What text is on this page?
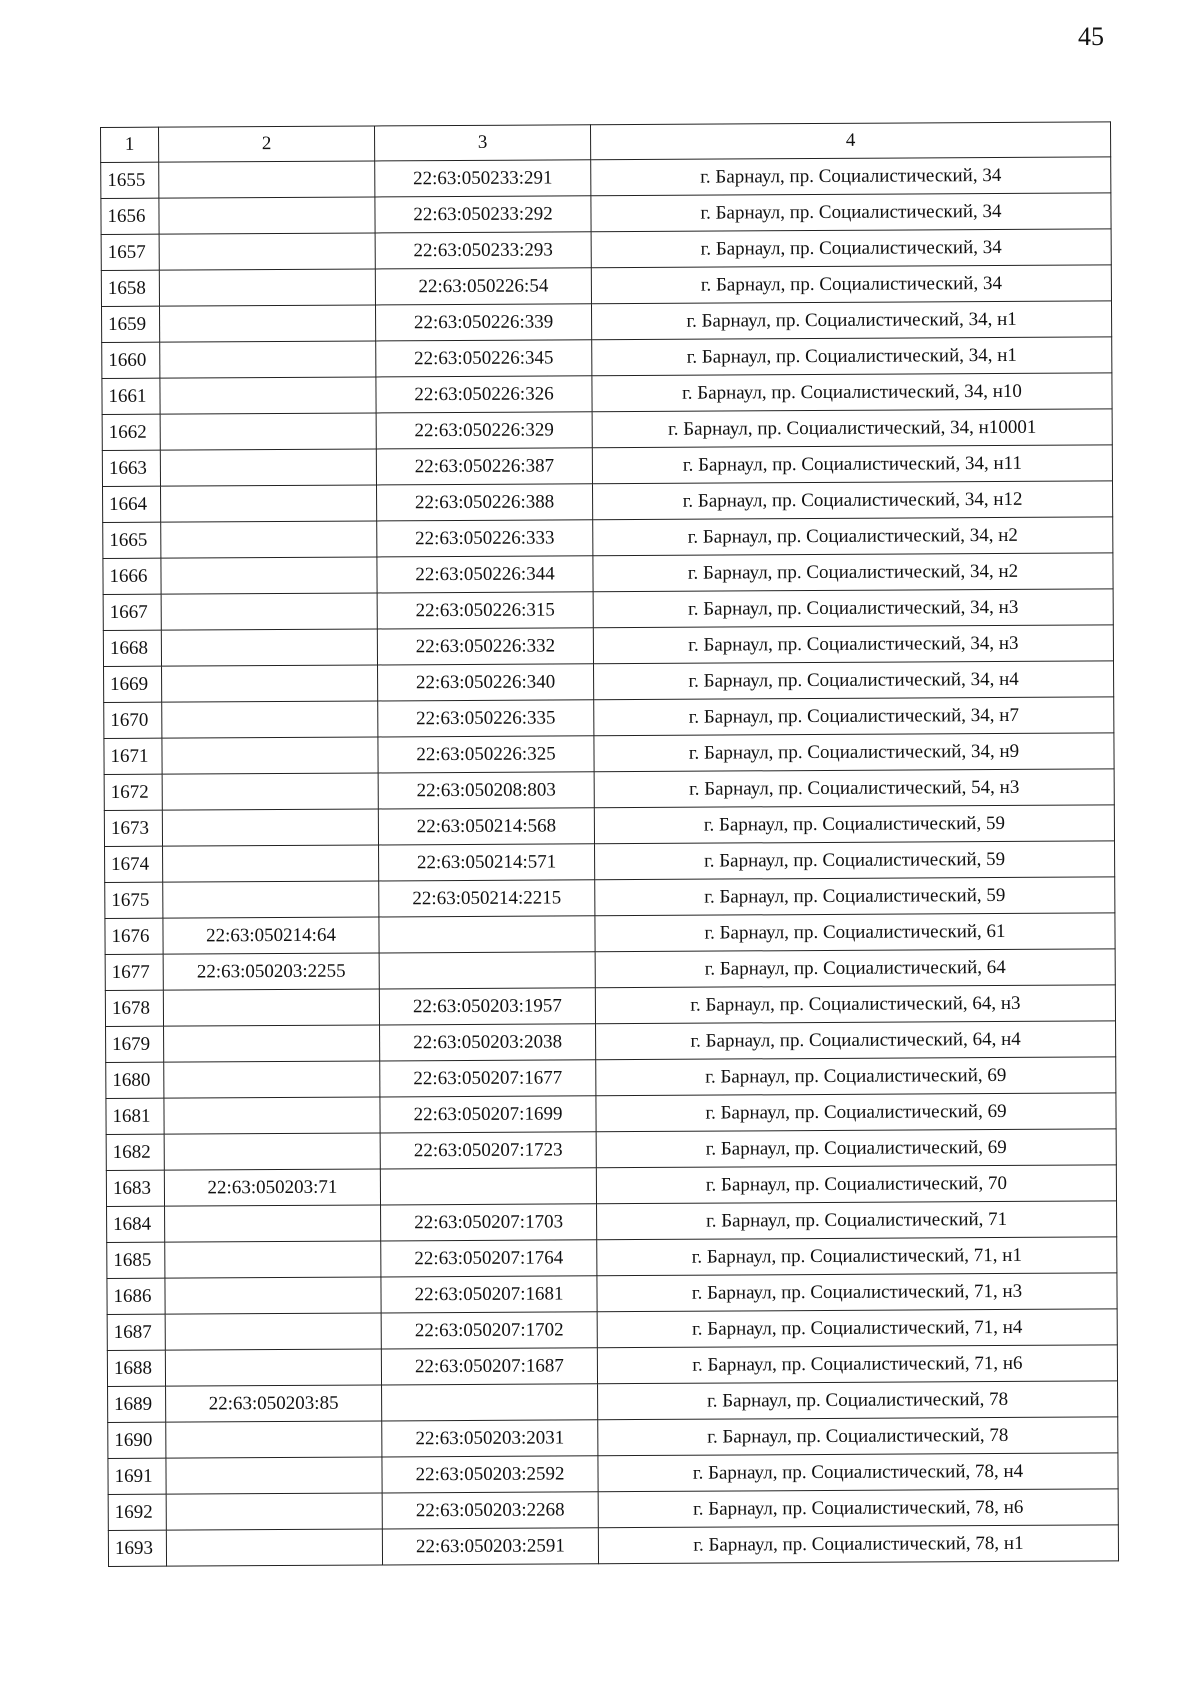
45
1	2	3	4
1655		22:63:050233:291	г. Барнаул, пр. Социалистический, 34
1656		22:63:050233:292	г. Барнаул, пр. Социалистический, 34
1657		22:63:050233:293	г. Барнаул, пр. Социалистический, 34
1658		22:63:050226:54	г. Барнаул, пр. Социалистический, 34
1659		22:63:050226:339	г. Барнаул, пр. Социалистический, 34, н1
1660		22:63:050226:345	г. Барнаул, пр. Социалистический, 34, н1
1661		22:63:050226:326	г. Барнаул, пр. Социалистический, 34, н10
1662		22:63:050226:329	г. Барнаул, пр. Социалистический, 34, н10001
1663		22:63:050226:387	г. Барнаул, пр. Социалистический, 34, н11
1664		22:63:050226:388	г. Барнаул, пр. Социалистический, 34, н12
1665		22:63:050226:333	г. Барнаул, пр. Социалистический, 34, н2
1666		22:63:050226:344	г. Барнаул, пр. Социалистический, 34, н2
1667		22:63:050226:315	г. Барнаул, пр. Социалистический, 34, н3
1668		22:63:050226:332	г. Барнаул, пр. Социалистический, 34, н3
1669		22:63:050226:340	г. Барнаул, пр. Социалистический, 34, н4
1670		22:63:050226:335	г. Барнаул, пр. Социалистический, 34, н7
1671		22:63:050226:325	г. Барнаул, пр. Социалистический, 34, н9
1672		22:63:050208:803	г. Барнаул, пр. Социалистический, 54, н3
1673		22:63:050214:568	г. Барнаул, пр. Социалистический, 59
1674		22:63:050214:571	г. Барнаул, пр. Социалистический, 59
1675		22:63:050214:2215	г. Барнаул, пр. Социалистический, 59
1676	22:63:050214:64		г. Барнаул, пр. Социалистический, 61
1677	22:63:050203:2255		г. Барнаул, пр. Социалистический, 64
1678		22:63:050203:1957	г. Барнаул, пр. Социалистический, 64, н3
1679		22:63:050203:2038	г. Барнаул, пр. Социалистический, 64, н4
1680		22:63:050207:1677	г. Барнаул, пр. Социалистический, 69
1681		22:63:050207:1699	г. Барнаул, пр. Социалистический, 69
1682		22:63:050207:1723	г. Барнаул, пр. Социалистический, 69
1683	22:63:050203:71		г. Барнаул, пр. Социалистический, 70
1684		22:63:050207:1703	г. Барнаул, пр. Социалистический, 71
1685		22:63:050207:1764	г. Барнаул, пр. Социалистический, 71, н1
1686		22:63:050207:1681	г. Барнаул, пр. Социалистический, 71, н3
1687		22:63:050207:1702	г. Барнаул, пр. Социалистический, 71, н4
1688		22:63:050207:1687	г. Барнаул, пр. Социалистический, 71, н6
1689	22:63:050203:85		г. Барнаул, пр. Социалистический, 78
1690		22:63:050203:2031	г. Барнаул, пр. Социалистический, 78
1691		22:63:050203:2592	г. Барнаул, пр. Социалистический, 78, н4
1692		22:63:050203:2268	г. Барнаул, пр. Социалистический, 78, н6
1693		22:63:050203:2591	г. Барнаул, пр. Социалистический, 78, н1
